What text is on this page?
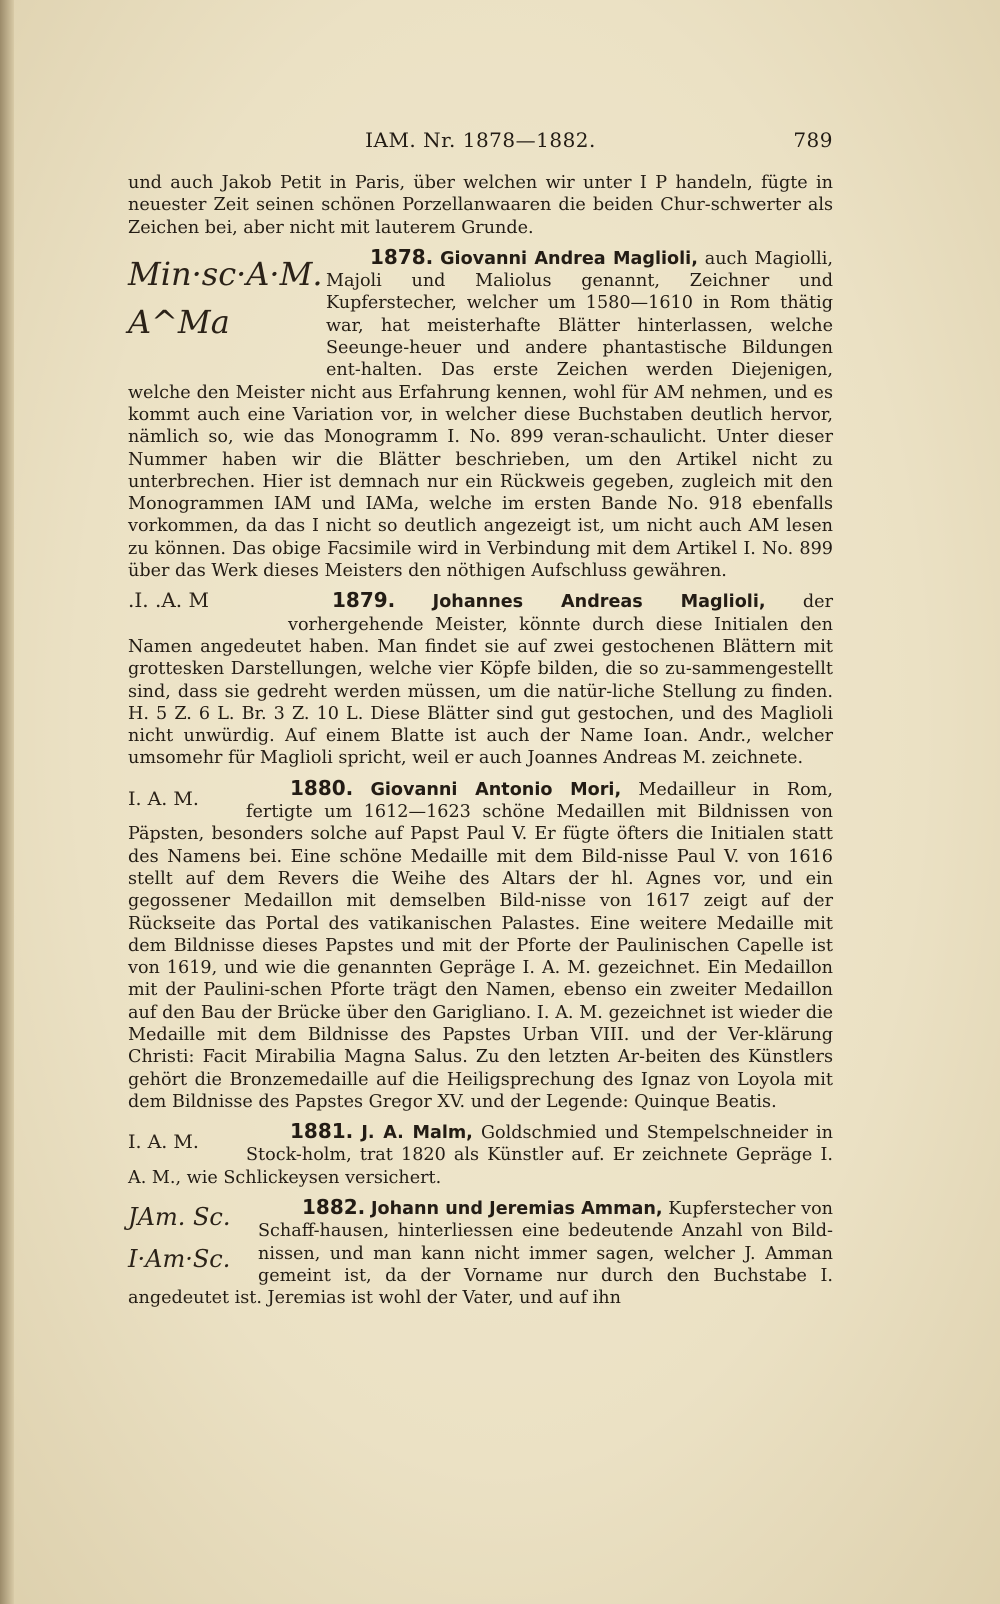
IAM. Nr. 1878—1882.	789

und auch Jakob Petit in Paris, über welchen wir unter I P handeln, fügte in neuester Zeit seinen schönen Porzellanwaaren die beiden Chur-schwerter als Zeichen bei, aber nicht mit lauterem Grunde.

Min·sc·A·M.
A^Ma
1878. Giovanni Andrea Maglioli, auch Magiolli, Majoli und Maliolus genannt, Zeichner und Kupferstecher, welcher um 1580—1610 in Rom thätig war, hat meisterhafte Blätter hinterlassen, welche Seeunge-heuer und andere phantastische Bildungen ent-halten. Das erste Zeichen werden Diejenigen, welche den Meister nicht aus Erfahrung kennen, wohl für AM nehmen, und es kommt auch eine Variation vor, in welcher diese Buchstaben deutlich hervor, nämlich so, wie das Monogramm I. No. 899 veran-schaulicht. Unter dieser Nummer haben wir die Blätter beschrieben, um den Artikel nicht zu unterbrechen. Hier ist demnach nur ein Rückweis gegeben, zugleich mit den Monogrammen IAM und IAMa, welche im ersten Bande No. 918 ebenfalls vorkommen, da das I nicht so deutlich angezeigt ist, um nicht auch AM lesen zu können. Das obige Facsimile wird in Verbindung mit dem Artikel I. No. 899 über das Werk dieses Meisters den nöthigen Aufschluss gewähren.
.I. .A. M	1879. Johannes Andreas Maglioli, der vorhergehende Meister, könnte durch diese Initialen den Namen angedeutet haben. Man findet sie auf zwei gestochenen Blättern mit grottesken Darstellungen, welche vier Köpfe bilden, die so zu-sammengestellt sind, dass sie gedreht werden müssen, um die natür-liche Stellung zu finden. H. 5 Z. 6 L. Br. 3 Z. 10 L. Diese Blätter sind gut gestochen, und des Maglioli nicht unwürdig. Auf einem Blatte ist auch der Name Ioan. Andr., welcher umsomehr für Maglioli spricht, weil er auch Joannes Andreas M. zeichnete.
I. A. M.	1880. Giovanni Antonio Mori, Medailleur in Rom, fertigte um 1612—1623 schöne Medaillen mit Bildnissen von Päpsten, besonders solche auf Papst Paul V. Er fügte öfters die Initialen statt des Namens bei. Eine schöne Medaille mit dem Bild-nisse Paul V. von 1616 stellt auf dem Revers die Weihe des Altars der hl. Agnes vor, und ein gegossener Medaillon mit demselben Bild-nisse von 1617 zeigt auf der Rückseite das Portal des vatikanischen Palastes. Eine weitere Medaille mit dem Bildnisse dieses Papstes und mit der Pforte der Paulinischen Capelle ist von 1619, und wie die genannten Gepräge I. A. M. gezeichnet. Ein Medaillon mit der Paulini-schen Pforte trägt den Namen, ebenso ein zweiter Medaillon auf den Bau der Brücke über den Garigliano. I. A. M. gezeichnet ist wieder die Medaille mit dem Bildnisse des Papstes Urban VIII. und der Ver-klärung Christi: Facit Mirabilia Magna Salus. Zu den letzten Ar-beiten des Künstlers gehört die Bronzemedaille auf die Heiligsprechung des Ignaz von Loyola mit dem Bildnisse des Papstes Gregor XV. und der Legende: Quinque Beatis.
I. A. M.	1881. J. A. Malm, Goldschmied und Stempelschneider in Stock-holm, trat 1820 als Künstler auf. Er zeichnete Gepräge I. A. M., wie Schlickeysen versichert.
JAm. Sc.
I·Am·Sc.
1882. Johann und Jeremias Amman, Kupferstecher von Schaff-hausen, hinterliessen eine bedeutende Anzahl von Bild-nissen, und man kann nicht immer sagen, welcher J. Amman gemeint ist, da der Vorname nur durch den Buchstabe I. angedeutet ist. Jeremias ist wohl der Vater, und auf ihn
